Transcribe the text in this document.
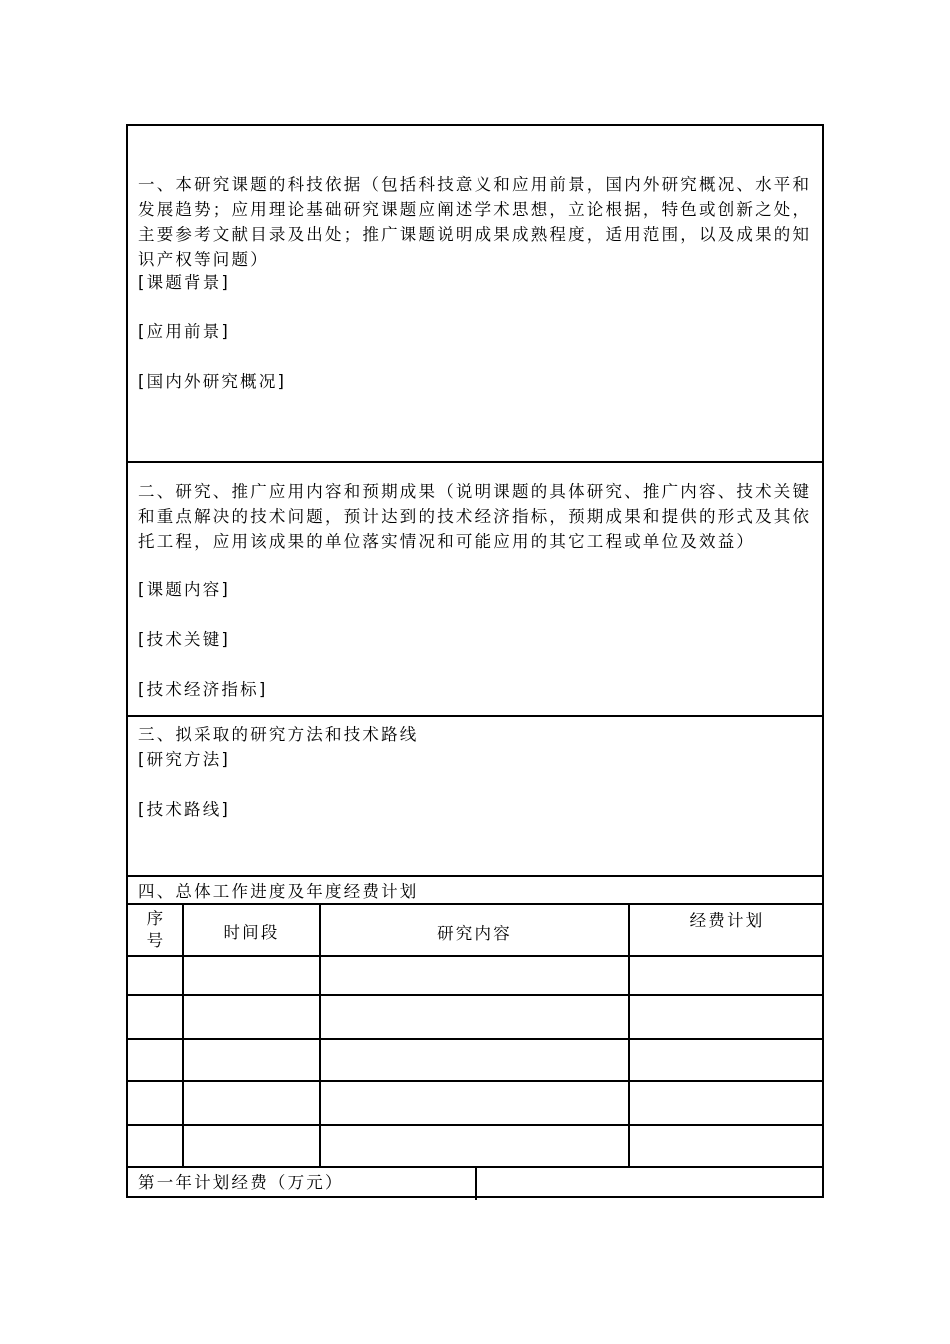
一、本研究课题的科技依据（包括科技意义和应用前景，国内外研究概况、水平和发展趋势；应用理论基础研究课题应阐述学术思想，立论根据，特色或创新之处，主要参考文献目录及出处；推广课题说明成果成熟程度，适用范围，以及成果的知识产权等问题）
[课题背景]
[应用前景]
[国内外研究概况]
二、研究、推广应用内容和预期成果（说明课题的具体研究、推广内容、技术关键和重点解决的技术问题，预计达到的技术经济指标，预期成果和提供的形式及其依托工程，应用该成果的单位落实情况和可能应用的其它工程或单位及效益）
[课题内容]
[技术关键]
[技术经济指标]
三、拟采取的研究方法和技术路线
[研究方法]
[技术路线]
四、总体工作进度及年度经费计划
序
号	时间段	研究内容
经费计划
第一年计划经费（万元）
